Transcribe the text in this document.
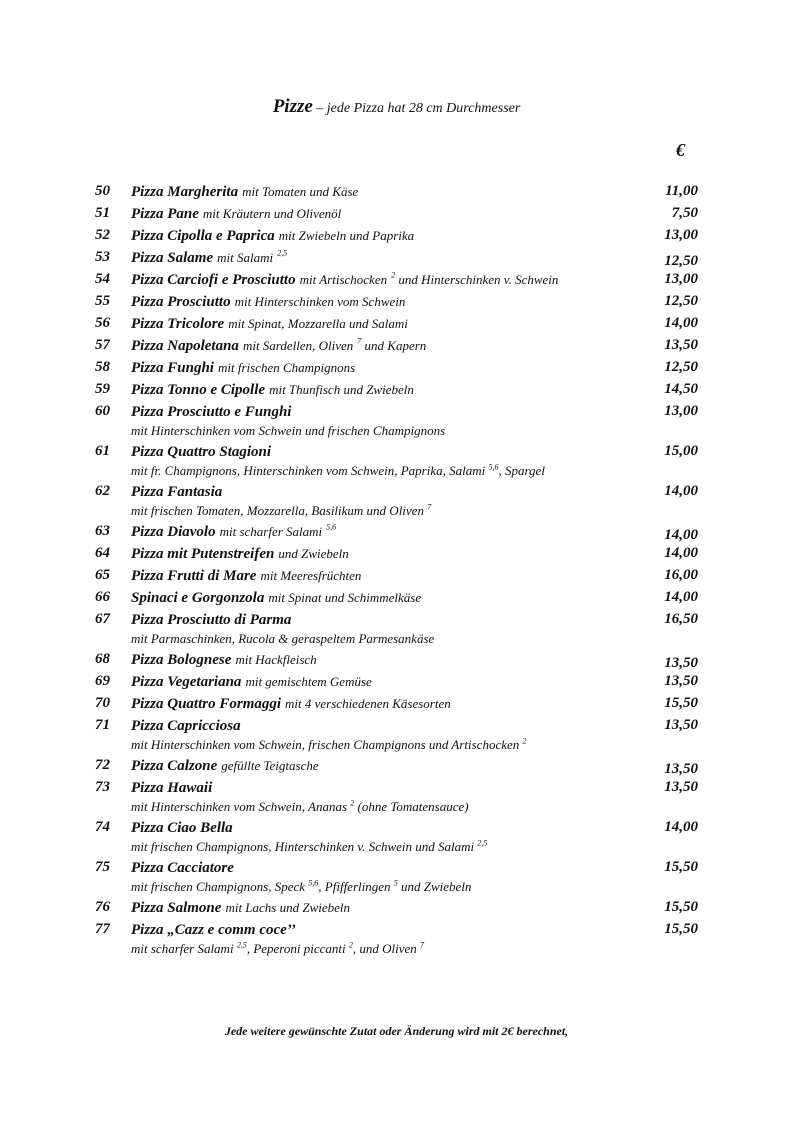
Pizze – jede Pizza hat 28 cm Durchmesser
€
50 Pizza Margherita mit Tomaten und Käse	11,00
51 Pizza Pane mit Kräutern und Olivenöl	7,50
52 Pizza Cipolla e Paprica mit Zwiebeln und Paprika	13,00
53 Pizza Salame mit Salami $^{2,5}$	12,50
54 Pizza Carciofi e Prosciutto mit Artischocken $^2$ und Hinterschinken v. Schwein	13,00
55 Pizza Prosciutto mit Hinterschinken vom Schwein	12,50
56 Pizza Tricolore mit Spinat, Mozzarella und Salami	14,00
57 Pizza Napoletana mit Sardellen, Oliven $^7$ und Kapern	13,50
58 Pizza Funghi mit frischen Champignons	12,50
59 Pizza Tonno e Cipolle mit Thunfisch und Zwiebeln	14,50
60 Pizza Prosciutto e Funghi
mit Hinterschinken vom Schwein und frischen Champignons
13,00
61 Pizza Quattro Stagioni
mit fr. Champignons, Hinterschinken vom Schwein, Paprika, Salami $^{5,6}$, Spargel
15,00
62 Pizza Fantasia
mit frischen Tomaten, Mozzarella, Basilikum und Oliven $^7$
14,00
63 Pizza Diavolo mit scharfer Salami $^{5,6}$	14,00
64 Pizza mit Putenstreifen und Zwiebeln	14,00
65 Pizza Frutti di Mare mit Meeresfrüchten	16,00
66 Spinaci e Gorgonzola mit Spinat und Schimmelkäse	14,00
67 Pizza Prosciutto di Parma
mit Parmaschinken, Rucola & geraspeltem Parmesankäse
16,50
68 Pizza Bolognese mit Hackfleisch	13,50
69 Pizza Vegetariana mit gemischtem Gemüse	13,50
70 Pizza Quattro Formaggi mit 4 verschiedenen Käsesorten	15,50
71 Pizza Capricciosa
mit Hinterschinken vom Schwein, frischen Champignons und Artischocken $^2$
13,50
72 Pizza Calzone gefüllte Teigtasche	13,50
73 Pizza Hawaii
mit Hinterschinken vom Schwein, Ananas $^2$ (ohne Tomatensauce)
13,50
74 Pizza Ciao Bella
mit frischen Champignons, Hinterschinken v. Schwein und Salami $^{2,5}$
14,00
75 Pizza Cacciatore
mit frischen Champignons, Speck $^{5,6}$, Pfifferlingen $^5$ und Zwiebeln
15,50
76 Pizza Salmone mit Lachs und Zwiebeln	15,50
77 Pizza „Cazz e comm coce’’
mit scharfer Salami $^{2,5}$, Peperoni piccanti $^2$, und Oliven $^7$
15,50
Jede weitere gewünschte Zutat oder Änderung wird mit 2€ berechnet,
